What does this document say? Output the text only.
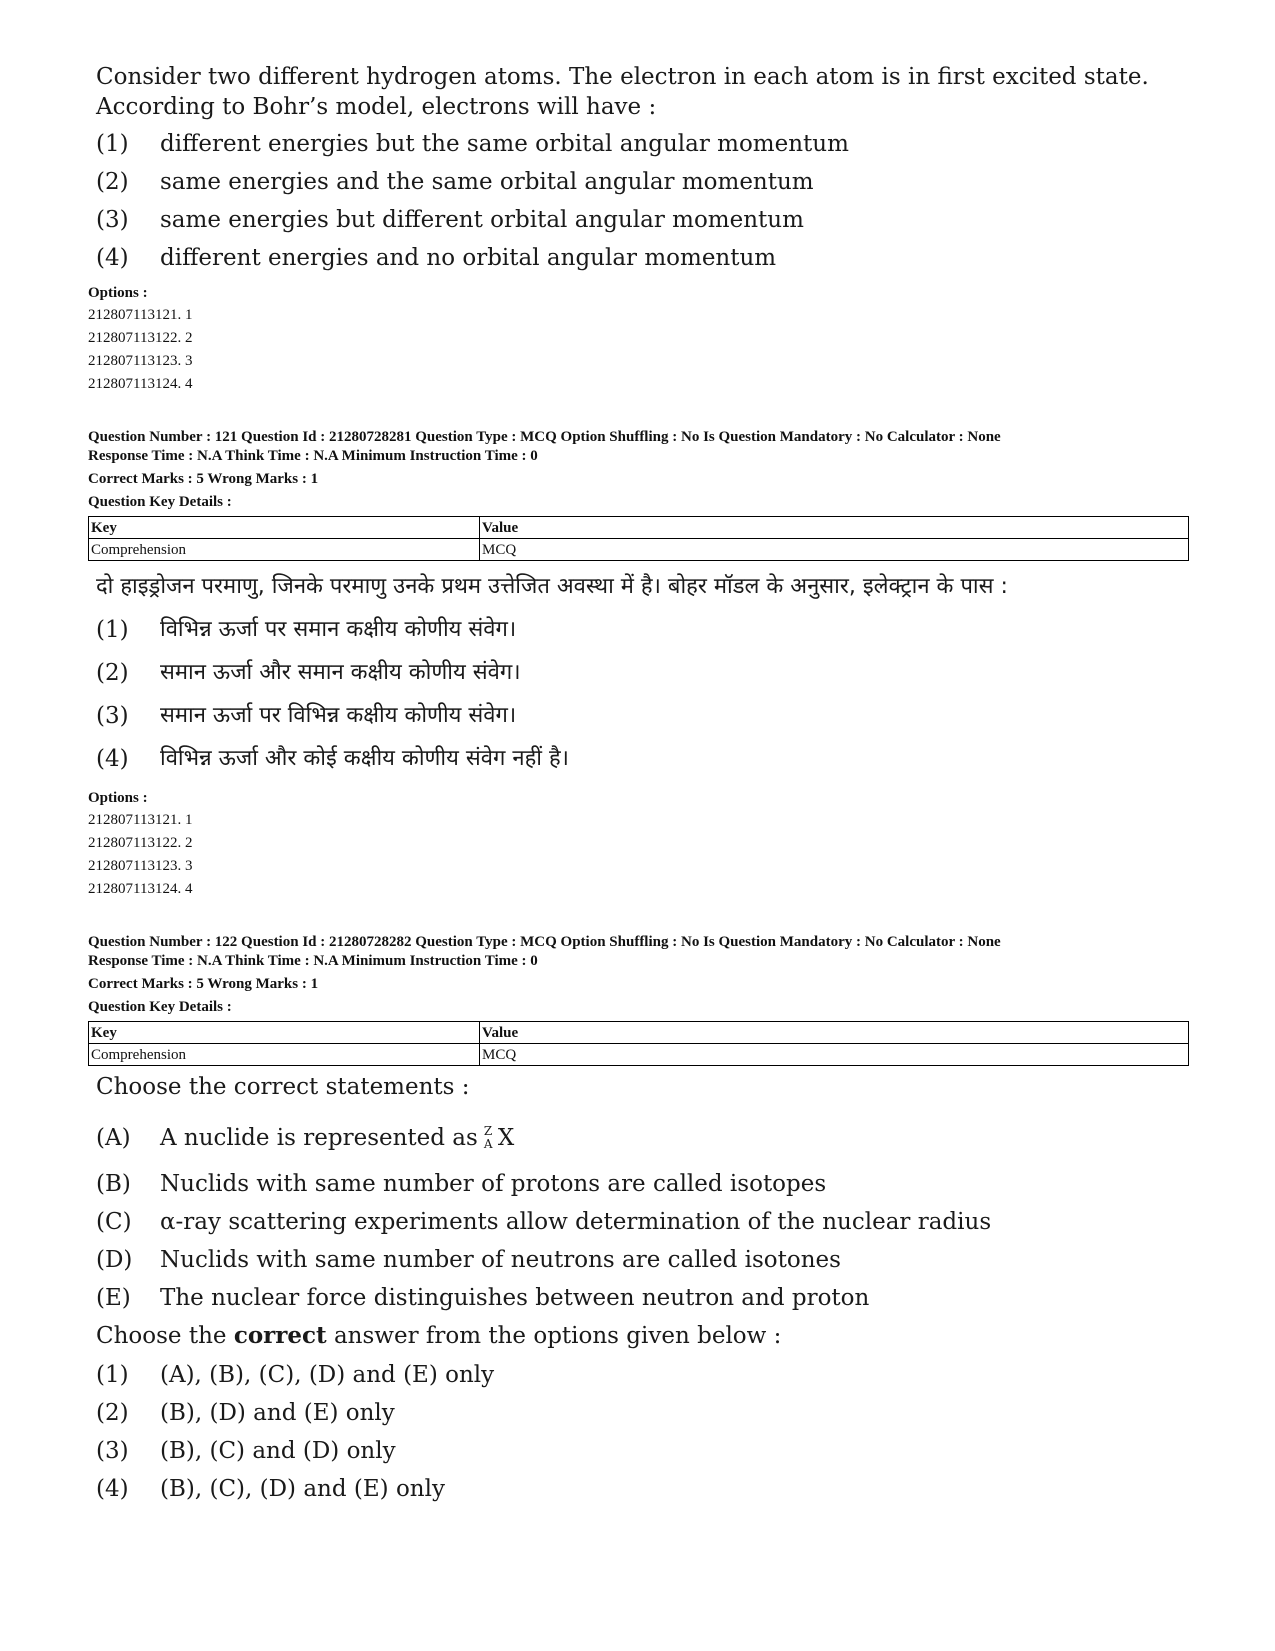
Consider two different hydrogen atoms. The electron in each atom is in first excited state. According to Bohr’s model, electrons will have :
(1)	different energies but the same orbital angular momentum
(2)	same energies and the same orbital angular momentum
(3)	same energies but different orbital angular momentum
(4)	different energies and no orbital angular momentum
Options :
212807113121. 1
212807113122. 2
212807113123. 3
212807113124. 4
Question Number : 121 Question Id : 21280728281 Question Type : MCQ Option Shuffling : No Is Question Mandatory : No Calculator : None
Response Time : N.A Think Time : N.A Minimum Instruction Time : 0
Correct Marks : 5 Wrong Marks : 1
Question Key Details :
Key	Value
Comprehension	MCQ
दो हाइड्रोजन परमाणु, जिनके परमाणु उनके प्रथम उत्तेजित अवस्था में है। बोहर मॉडल के अनुसार, इलेक्ट्रान के पास :
(1)	विभिन्न ऊर्जा पर समान कक्षीय कोणीय संवेग।
(2)	समान ऊर्जा और समान कक्षीय कोणीय संवेग।
(3)	समान ऊर्जा पर विभिन्न कक्षीय कोणीय संवेग।
(4)	विभिन्न ऊर्जा और कोई कक्षीय कोणीय संवेग नहीं है।
Options :
212807113121. 1
212807113122. 2
212807113123. 3
212807113124. 4
Question Number : 122 Question Id : 21280728282 Question Type : MCQ Option Shuffling : No Is Question Mandatory : No Calculator : None
Response Time : N.A Think Time : N.A Minimum Instruction Time : 0
Correct Marks : 5 Wrong Marks : 1
Question Key Details :
Key	Value
Comprehension	MCQ
Choose the correct statements :
(A)	A nuclide is represented as Z
A X
(B)	Nuclids with same number of protons are called isotopes
(C)	α-ray scattering experiments allow determination of the nuclear radius
(D)	Nuclids with same number of neutrons are called isotones
(E)	The nuclear force distinguishes between neutron and proton
Choose the correct answer from the options given below :
(1)	(A), (B), (C), (D) and (E) only
(2)	(B), (D) and (E) only
(3)	(B), (C) and (D) only
(4)	(B), (C), (D) and (E) only
